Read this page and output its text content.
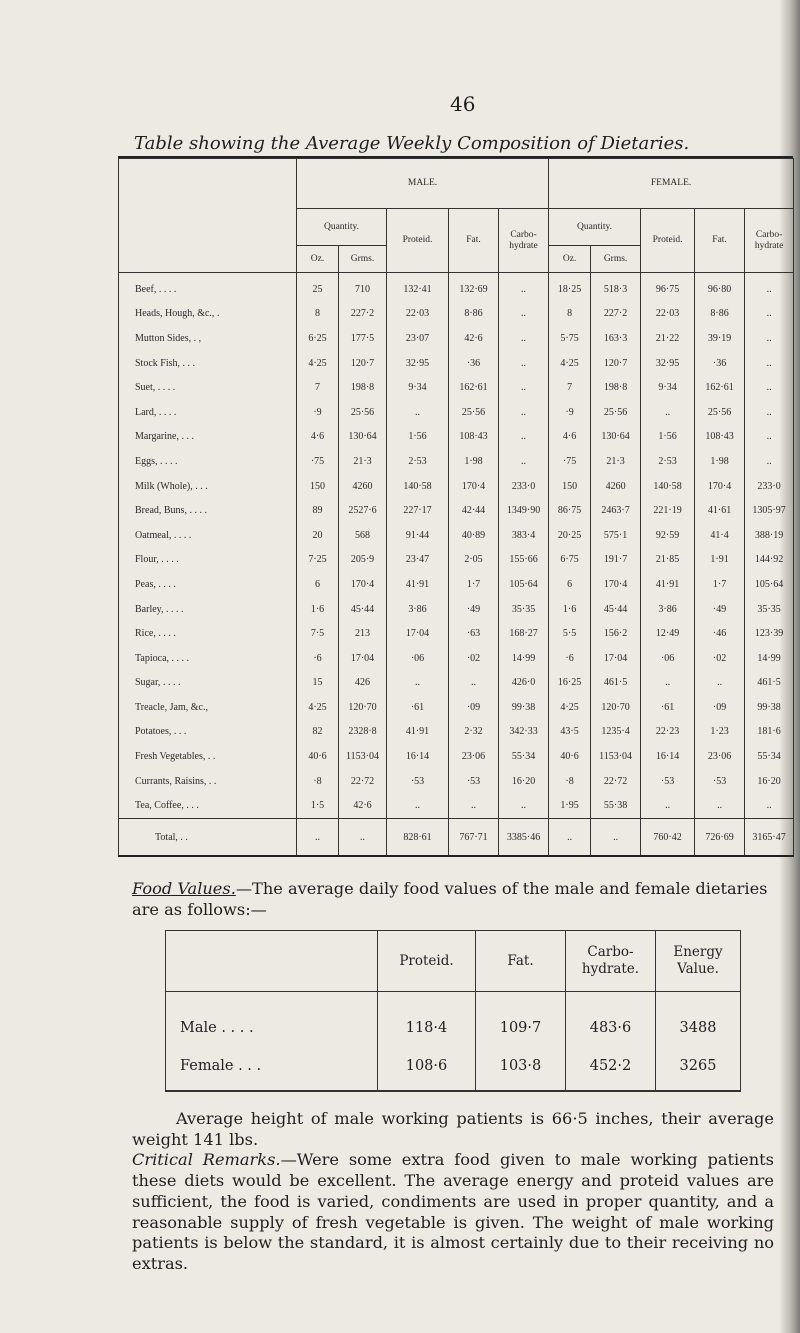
46
Table showing the Average Weekly Composition of Dietaries.
	MALE.					FEMALE.				
	Quantity.		Proteid.	Fat.	Carbo-hydrate	Quantity.		Proteid.	Fat.	Carbo-hydrate
	Oz.	Grms.				Oz.	Grms.			
Beef, . . . .	25	710	132·41	132·69	..	18·25	518·3	96·75	96·80	..
Heads, Hough, &c., .	8	227·2	22·03	8·86	..	8	227·2	22·03	8·86	..
Mutton Sides, . ,	6·25	177·5	23·07	42·6	..	5·75	163·3	21·22	39·19	..
Stock Fish, . . .	4·25	120·7	32·95	·36	..	4·25	120·7	32·95	·36	..
Suet, . . . .	7	198·8	9·34	162·61	..	7	198·8	9·34	162·61	..
Lard, . . . .	·9	25·56	..	25·56	..	·9	25·56	..	25·56	..
Margarine, . . .	4·6	130·64	1·56	108·43	..	4·6	130·64	1·56	108·43	..
Eggs, . . . .	·75	21·3	2·53	1·98	..	·75	21·3	2·53	1·98	..
Milk (Whole), . . .	150	4260	140·58	170·4	233·0	150	4260	140·58	170·4	233·0
Bread, Buns, . . . .	89	2527·6	227·17	42·44	1349·90	86·75	2463·7	221·19	41·61	1305·97
Oatmeal, . . . .	20	568	91·44	40·89	383·4	20·25	575·1	92·59	41·4	388·19
Flour, . . . .	7·25	205·9	23·47	2·05	155·66	6·75	191·7	21·85	1·91	144·92
Peas, . . . .	6	170·4	41·91	1·7	105·64	6	170·4	41·91	1·7	105·64
Barley, . . . .	1·6	45·44	3·86	·49	35·35	1·6	45·44	3·86	·49	35·35
Rice, . . . .	7·5	213	17·04	·63	168·27	5·5	156·2	12·49	·46	123·39
Tapioca, . . . .	·6	17·04	·06	·02	14·99	·6	17·04	·06	·02	14·99
Sugar, . . . .	15	426	..	..	426·0	16·25	461·5	..	..	461·5
Treacle, Jam, &c.,	4·25	120·70	·61	·09	99·38	4·25	120·70	·61	·09	99·38
Potatoes, . . .	82	2328·8	41·91	2·32	342·33	43·5	1235·4	22·23	1·23	181·6
Fresh Vegetables, . .	40·6	1153·04	16·14	23·06	55·34	40·6	1153·04	16·14	23·06	55·34
Currants, Raisins, . .	·8	22·72	·53	·53	16·20	·8	22·72	·53	·53	16·20
Tea, Coffee, . . .	1·5	42·6	..	..	..	1·95	55·38	..	..	..
Total, . .	..	..	828·61	767·71	3385·46	..	..	760·42	726·69	3165·47

Food Values.—The average daily food values of the male and female dietaries are as follows:—

	Proteid.	Fat.	Carbo-hydrate.	Energy Value.
Male . . . .	118·4	109·7	483·6	3488
Female . . .	108·6	103·8	452·2	3265
Average height of male working patients is 66·5 inches, their average weight 141 lbs.
Critical Remarks.—Were some extra food given to male working patients these diets would be excellent. The average energy and proteid values are sufficient, the food is varied, condiments are used in proper quantity, and a reasonable supply of fresh vegetable is given. The weight of male working patients is below the standard, it is almost certainly due to their receiving no extras.
